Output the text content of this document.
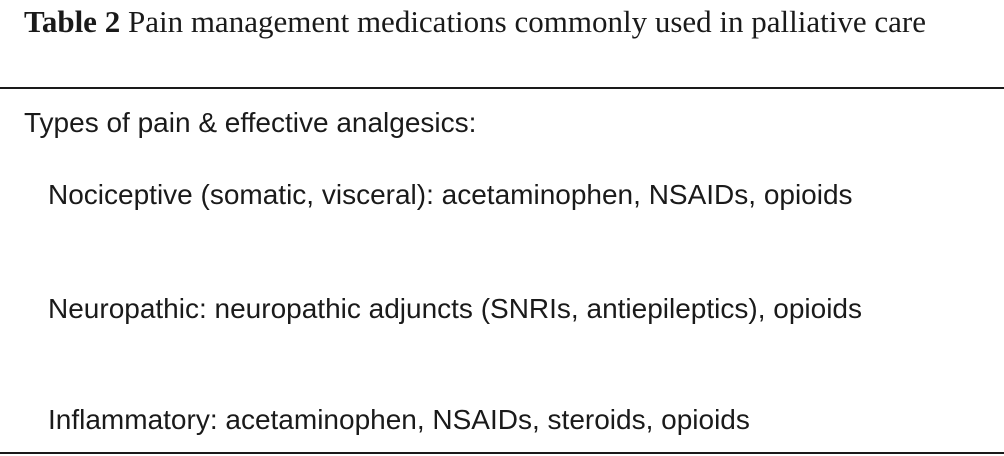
Table 2 Pain management medications commonly used in palliative care

Types of pain & effective analgesics:

Nociceptive (somatic, visceral): acetaminophen, NSAIDs, opioids

Neuropathic: neuropathic adjuncts (SNRIs, antiepileptics), opioids

Inflammatory: acetaminophen, NSAIDs, steroids, opioids
